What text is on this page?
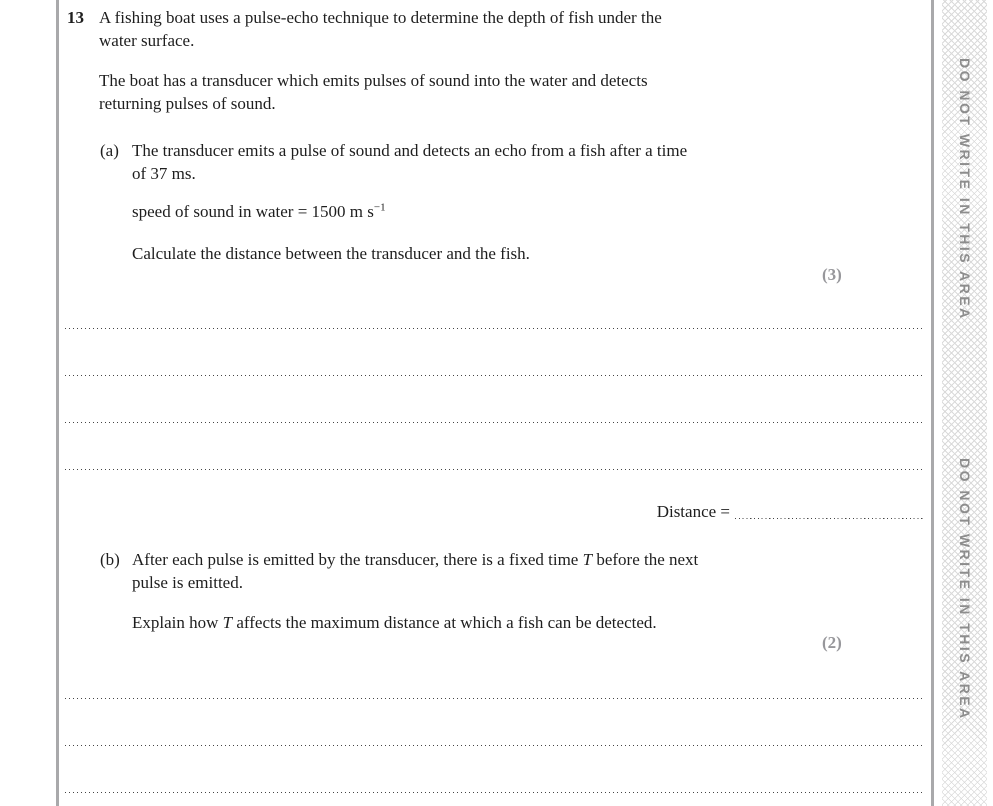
DO NOT WRITE IN THIS AREA
DO NOT WRITE IN THIS AREA
13 A fishing boat uses a pulse-echo technique to determine the depth of fish under the
water surface.
The boat has a transducer which emits pulses of sound into the water and detects
returning pulses of sound.
(a) The transducer emits a pulse of sound and detects an echo from a fish after a time
of 37 ms.
speed of sound in water = 1500 m $s^{-1}$
Calculate the distance between the transducer and the fish.
(3)
Distance =
(b) After each pulse is emitted by the transducer, there is a fixed time T before the next
pulse is emitted.
Explain how T affects the maximum distance at which a fish can be detected.
(2)
